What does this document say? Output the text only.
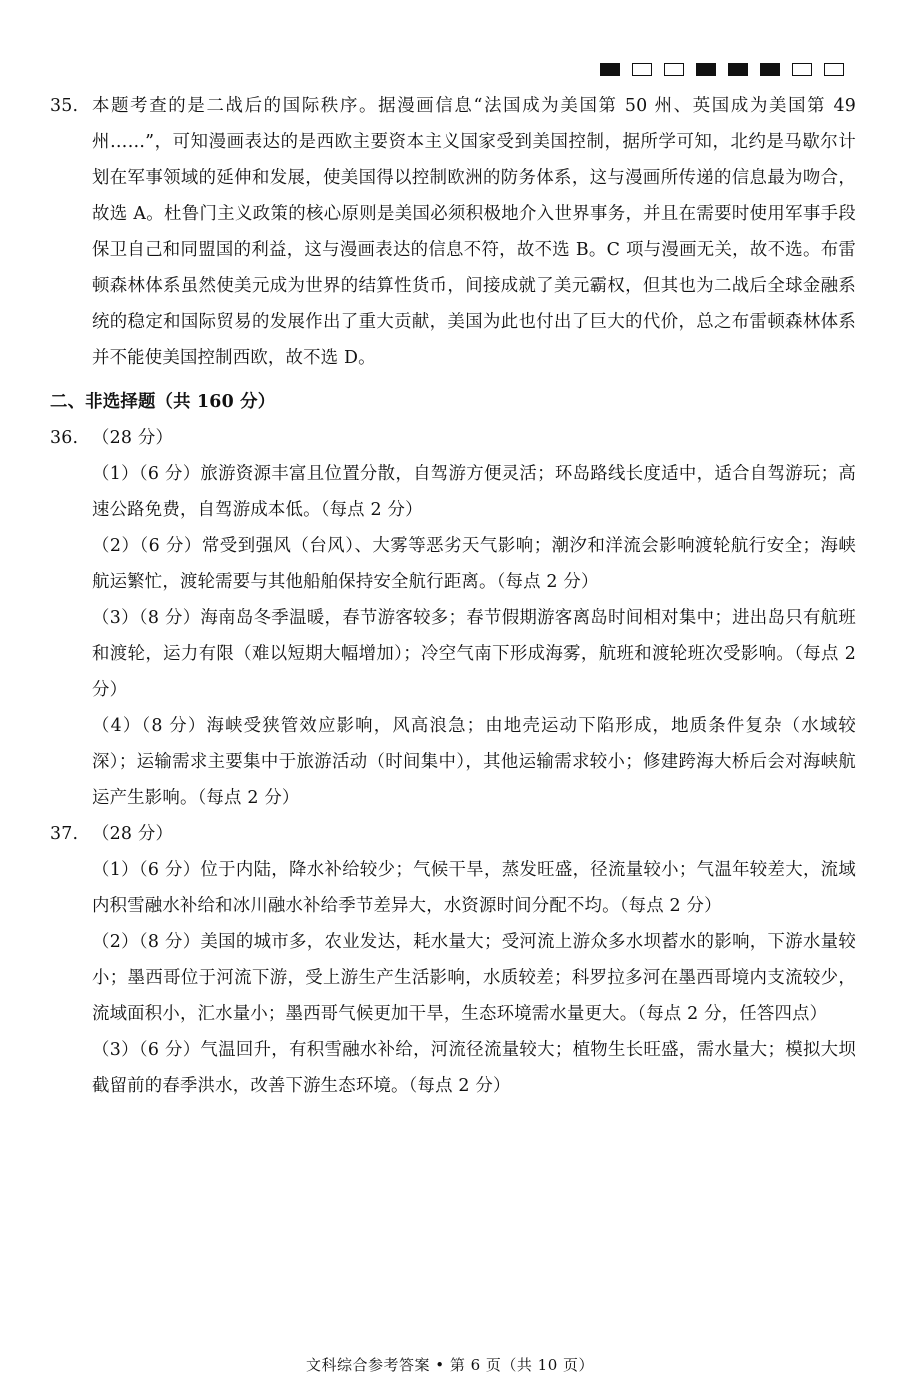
35. 本题考查的是二战后的国际秩序。据漫画信息“法国成为美国第 50 州、英国成为美国第 49 州……”，可知漫画表达的是西欧主要资本主义国家受到美国控制，据所学可知，北约是马歇尔计划在军事领域的延伸和发展，使美国得以控制欧洲的防务体系，这与漫画所传递的信息最为吻合，故选 A。杜鲁门主义政策的核心原则是美国必须积极地介入世界事务，并且在需要时使用军事手段保卫自己和同盟国的利益，这与漫画表达的信息不符，故不选 B。C 项与漫画无关，故不选。布雷顿森林体系虽然使美元成为世界的结算性货币，间接成就了美元霸权，但其也为二战后全球金融系统的稳定和国际贸易的发展作出了重大贡献，美国为此也付出了巨大的代价，总之布雷顿森林体系并不能使美国控制西欧，故不选 D。
二、非选择题（共 160 分）
36. （28 分）
（1）（6 分）旅游资源丰富且位置分散，自驾游方便灵活；环岛路线长度适中，适合自驾游玩；高速公路免费，自驾游成本低。（每点 2 分）
（2）（6 分）常受到强风（台风）、大雾等恶劣天气影响；潮汐和洋流会影响渡轮航行安全；海峡航运繁忙，渡轮需要与其他船舶保持安全航行距离。（每点 2 分）
（3）（8 分）海南岛冬季温暖，春节游客较多；春节假期游客离岛时间相对集中；进出岛只有航班和渡轮，运力有限（难以短期大幅增加）；冷空气南下形成海雾，航班和渡轮班次受影响。（每点 2 分）
（4）（8 分）海峡受狭管效应影响，风高浪急；由地壳运动下陷形成，地质条件复杂（水域较深）；运输需求主要集中于旅游活动（时间集中），其他运输需求较小；修建跨海大桥后会对海峡航运产生影响。（每点 2 分）
37. （28 分）
（1）（6 分）位于内陆，降水补给较少；气候干旱，蒸发旺盛，径流量较小；气温年较差大，流域内积雪融水补给和冰川融水补给季节差异大，水资源时间分配不均。（每点 2 分）
（2）（8 分）美国的城市多，农业发达，耗水量大；受河流上游众多水坝蓄水的影响，下游水量较小；墨西哥位于河流下游，受上游生产生活影响，水质较差；科罗拉多河在墨西哥境内支流较少，流域面积小，汇水量小；墨西哥气候更加干旱，生态环境需水量更大。（每点 2 分，任答四点）
（3）（6 分）气温回升，有积雪融水补给，河流径流量较大；植物生长旺盛，需水量大；模拟大坝截留前的春季洪水，改善下游生态环境。（每点 2 分）
文科综合参考答案 • 第 6 页（共 10 页）
